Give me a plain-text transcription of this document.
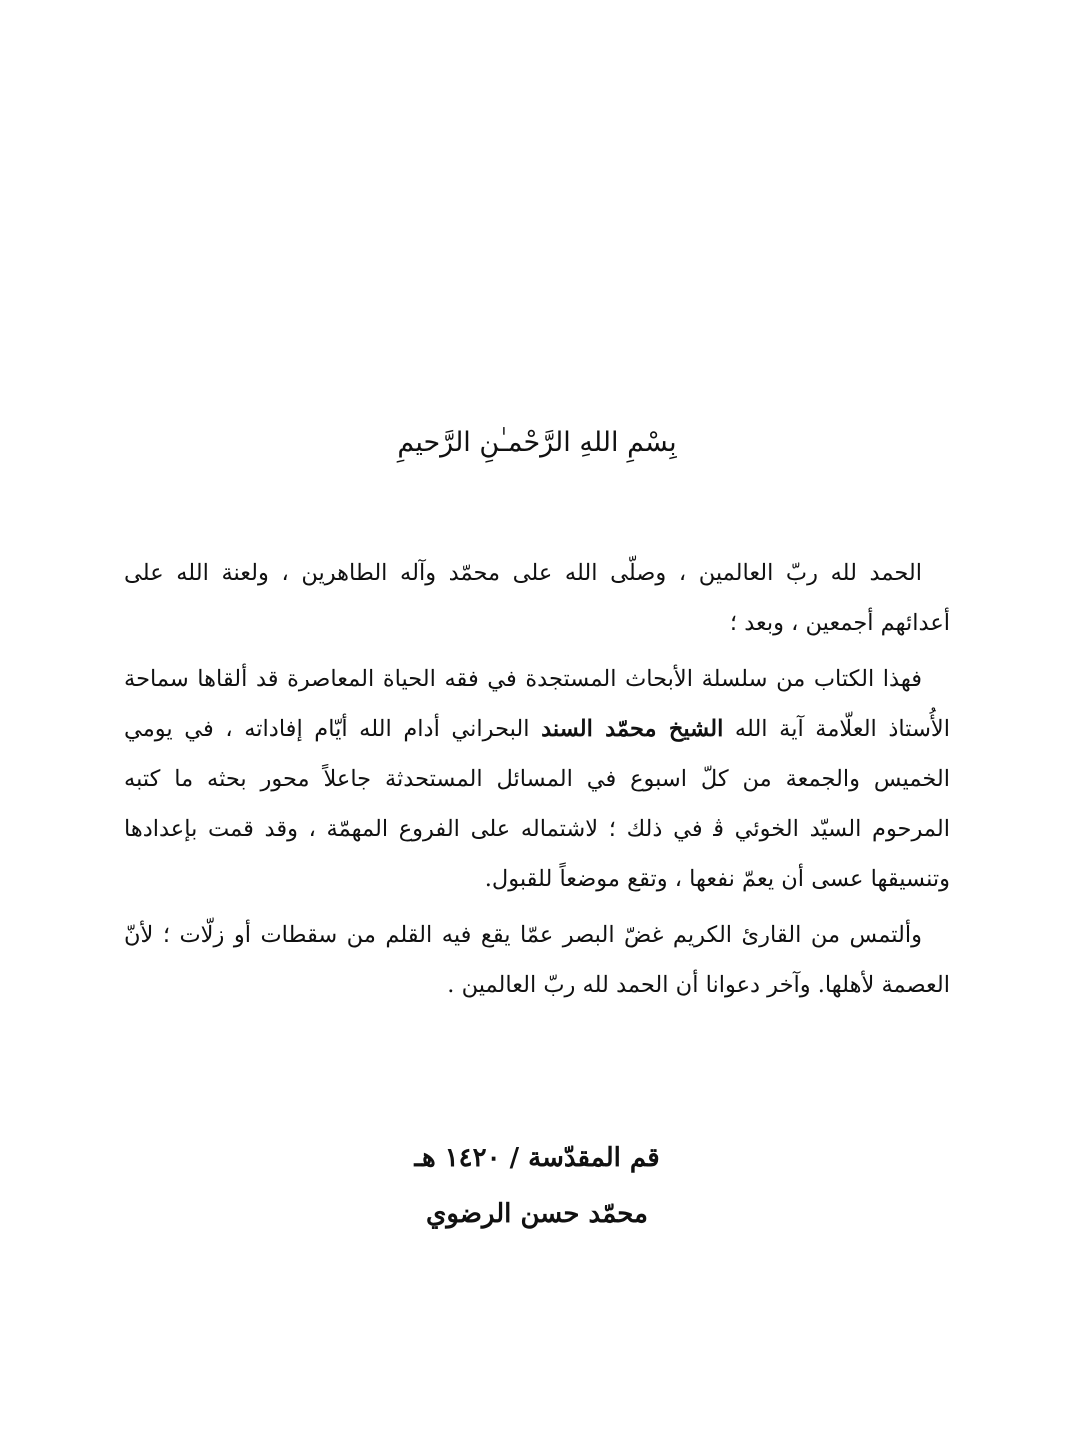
بِسْمِ اللهِ الرَّحْمـٰنِ الرَّحيمِ

الحمد لله ربّ العالمين ، وصلّى الله على محمّد وآله الطاهرين ، ولعنة الله على أعدائهم أجمعين ، وبعد ؛

فهذا الكتاب من سلسلة الأبحاث المستجدة في فقه الحياة المعاصرة قد ألقاها سماحة الأُستاذ العلّامة آية الله الشيخ محمّد السند البحراني أدام الله أيّام إفاداته ، في يومي الخميس والجمعة من كلّ اسبوع في المسائل المستحدثة جاعلاً محور بحثه ما كتبه المرحوم السيّد الخوئي ﭬ في ذلك ؛ لاشتماله على الفروع المهمّة ، وقد قمت بإعدادها وتنسيقها عسى أن يعمّ نفعها ، وتقع موضعاً للقبول.

وألتمس من القارئ الكريم غضّ البصر عمّا يقع فيه القلم من سقطات أو زلّات ؛ لأنّ العصمة لأهلها. وآخر دعوانا أن الحمد لله ربّ العالمين .

قم المقدّسة / ١٤٢٠ هـ
محمّد حسن الرضوي
